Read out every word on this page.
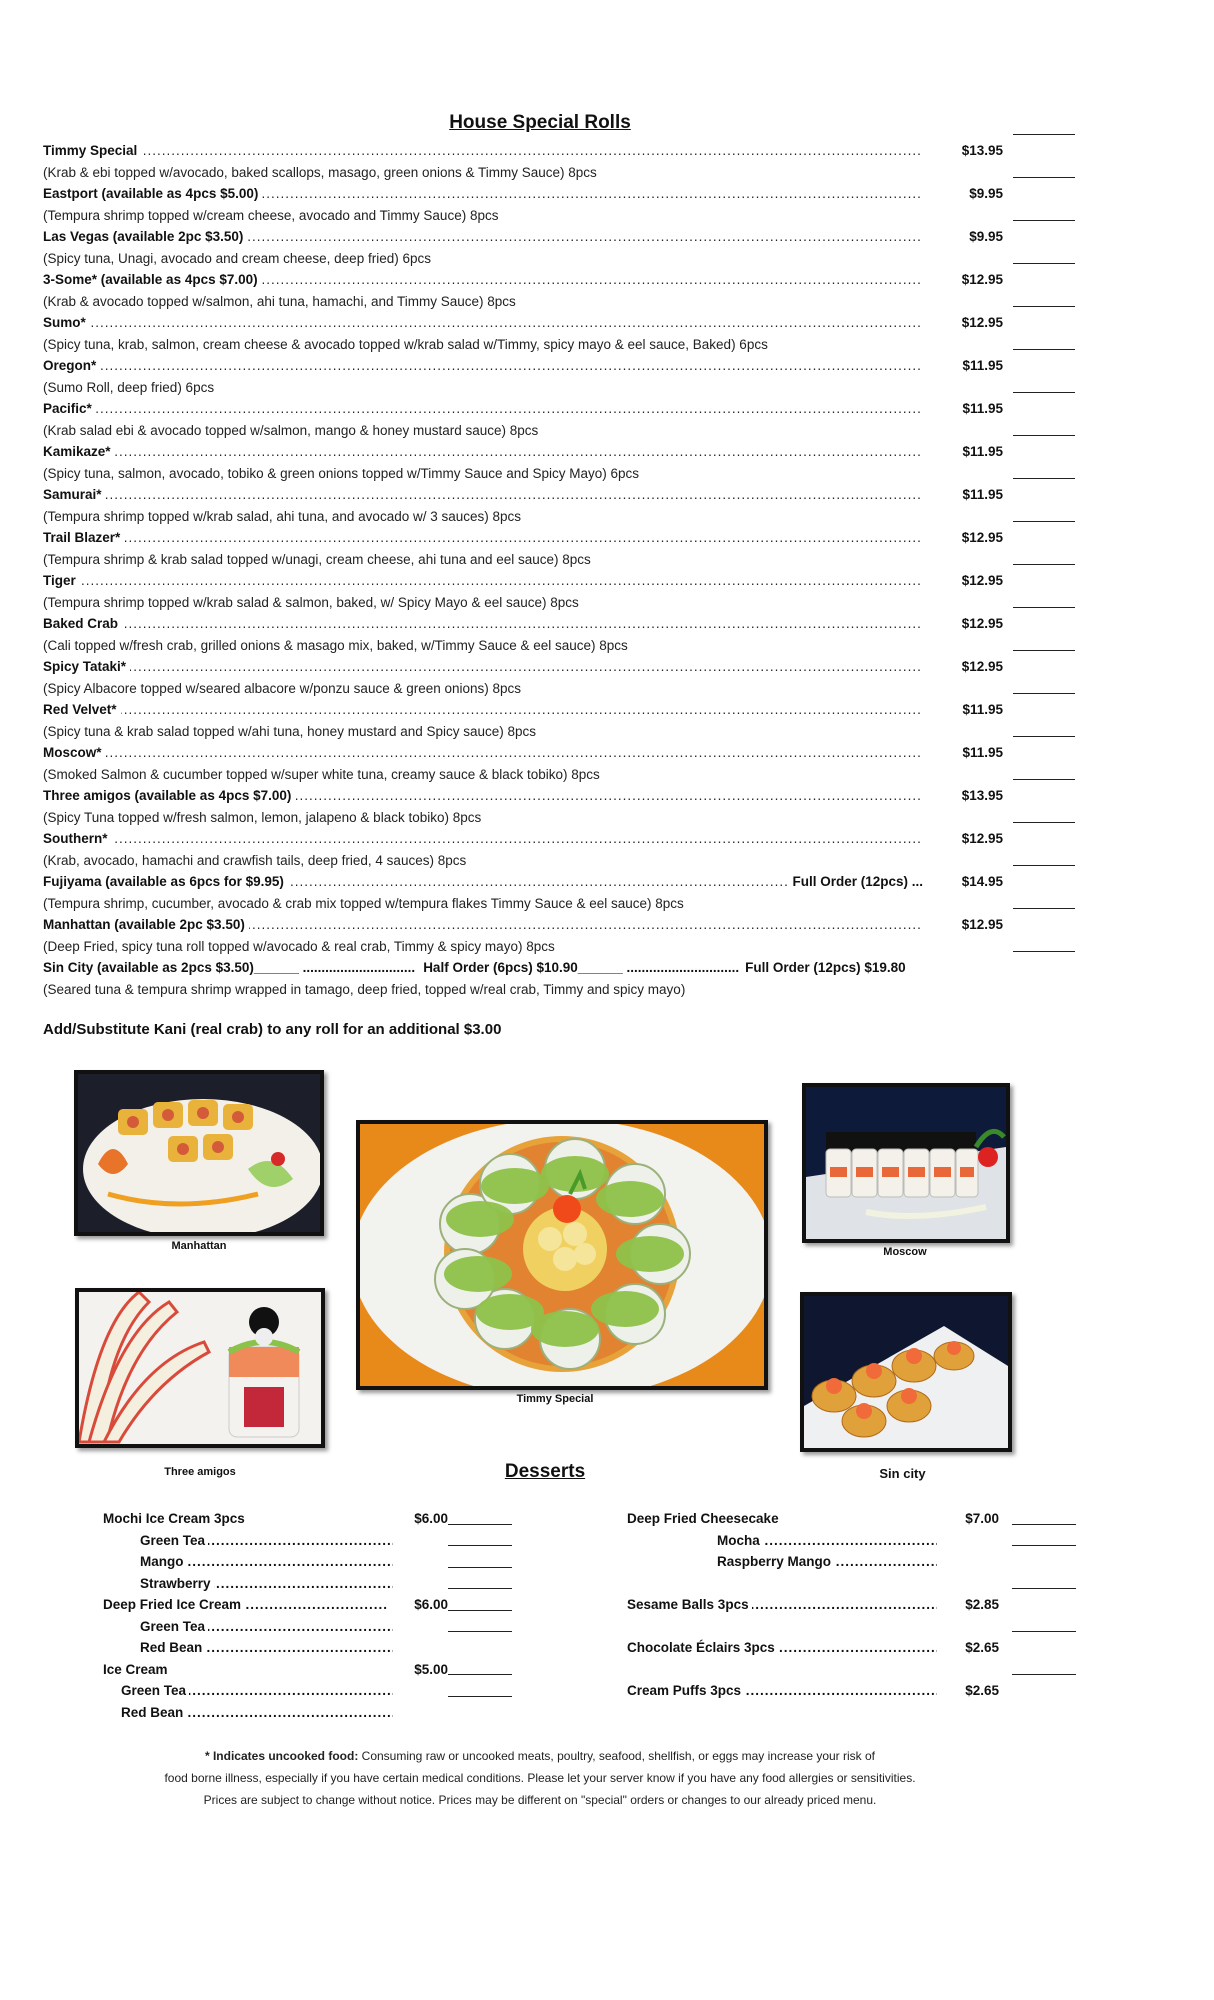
House Special Rolls
.....
Timmy Special	$13.95
(Krab & ebi topped w/avocado, baked scallops, masago, green onions & Timmy Sauce) 8pcs
.....
Eastport (available as 4pcs $5.00)	$9.95
(Tempura shrimp topped w/cream cheese, avocado and Timmy Sauce) 8pcs
.....
Las Vegas (available 2pc $3.50)	$9.95
(Spicy tuna, Unagi, avocado and cream cheese, deep fried) 6pcs
.....
3-Some* (available as 4pcs $7.00)	$12.95
(Krab & avocado topped w/salmon, ahi tuna, hamachi, and Timmy Sauce) 8pcs
.....
Sumo*	$12.95
(Spicy tuna, krab, salmon, cream cheese & avocado topped w/krab salad w/Timmy, spicy mayo & eel sauce, Baked) 6pcs
.....
Oregon*	$11.95
(Sumo Roll, deep fried) 6pcs
.....
Pacific*	$11.95
(Krab salad ebi & avocado topped w/salmon, mango & honey mustard sauce) 8pcs
.....
Kamikaze*	$11.95
(Spicy tuna, salmon, avocado, tobiko & green onions topped w/Timmy Sauce and Spicy Mayo) 6pcs
.....
Samurai*	$11.95
(Tempura shrimp topped w/krab salad, ahi tuna, and avocado w/ 3 sauces) 8pcs
.....
Trail Blazer*	$12.95
(Tempura shrimp & krab salad topped w/unagi, cream cheese, ahi tuna and eel sauce) 8pcs
.....
Tiger	$12.95
(Tempura shrimp topped w/krab salad & salmon, baked, w/ Spicy Mayo & eel sauce) 8pcs
.....
Baked Crab	$12.95
(Cali topped w/fresh crab, grilled onions & masago mix, baked, w/Timmy Sauce & eel sauce) 8pcs
.....
Spicy Tataki*	$12.95
(Spicy Albacore topped w/seared albacore w/ponzu sauce & green onions) 8pcs
.....
Red Velvet*	$11.95
(Spicy tuna & krab salad topped w/ahi tuna, honey mustard and Spicy sauce) 8pcs
.....
Moscow*	$11.95
(Smoked Salmon & cucumber topped w/super white tuna, creamy sauce & black tobiko) 8pcs
.....
Three amigos (available as 4pcs $7.00)	$13.95
(Spicy Tuna topped w/fresh salmon, lemon, jalapeno & black tobiko) 8pcs
.....
Southern*	$12.95
(Krab, avocado, hamachi and crawfish tails, deep fried, 4 sauces) 8pcs
.....
Fujiyama (available as 6pcs for $9.95)	Full Order (12pcs) ...	$14.95
(Tempura shrimp, cucumber, avocado & crab mix topped w/tempura flakes Timmy Sauce & eel sauce) 8pcs
.....
Manhattan (available 2pc $3.50)	$12.95
(Deep Fried, spicy tuna roll topped w/avocado & real crab, Timmy & spicy mayo) 8pcs
Sin City (available as 2pcs $3.50)______ .............................. Half Order (6pcs) $10.90______ .............................. Full Order (12pcs) $19.80
(Seared tuna & tempura shrimp wrapped in tamago, deep fried, topped w/real crab, Timmy and spicy mayo)
Add/Substitute Kani (real crab) to any roll for an additional $3.00
Manhattan
Timmy Special
Moscow
Three amigos	Sin city
Desserts
Mochi Ice Cream 3pcs	$6.00
.....
Green Tea
.....
Mango
.....
Strawberry
.....
Deep Fried Ice Cream	$6.00
.....
Green Tea
.....
Red Bean
Ice Cream	$5.00
.....
Green Tea
.....
Red Bean
Deep Fried Cheesecake	$7.00
.....
Mocha
.....
Raspberry Mango
.....
Sesame Balls 3pcs	$2.85
.....
Chocolate Éclairs 3pcs	$2.65
.....
Cream Puffs 3pcs	$2.65
* Indicates uncooked food: Consuming raw or uncooked meats, poultry, seafood, shellfish, or eggs may increase your risk of
food borne illness, especially if you have certain medical conditions. Please let your server know if you have any food allergies or sensitivities.
Prices are subject to change without notice. Prices may be different on "special" orders or changes to our already priced menu.
